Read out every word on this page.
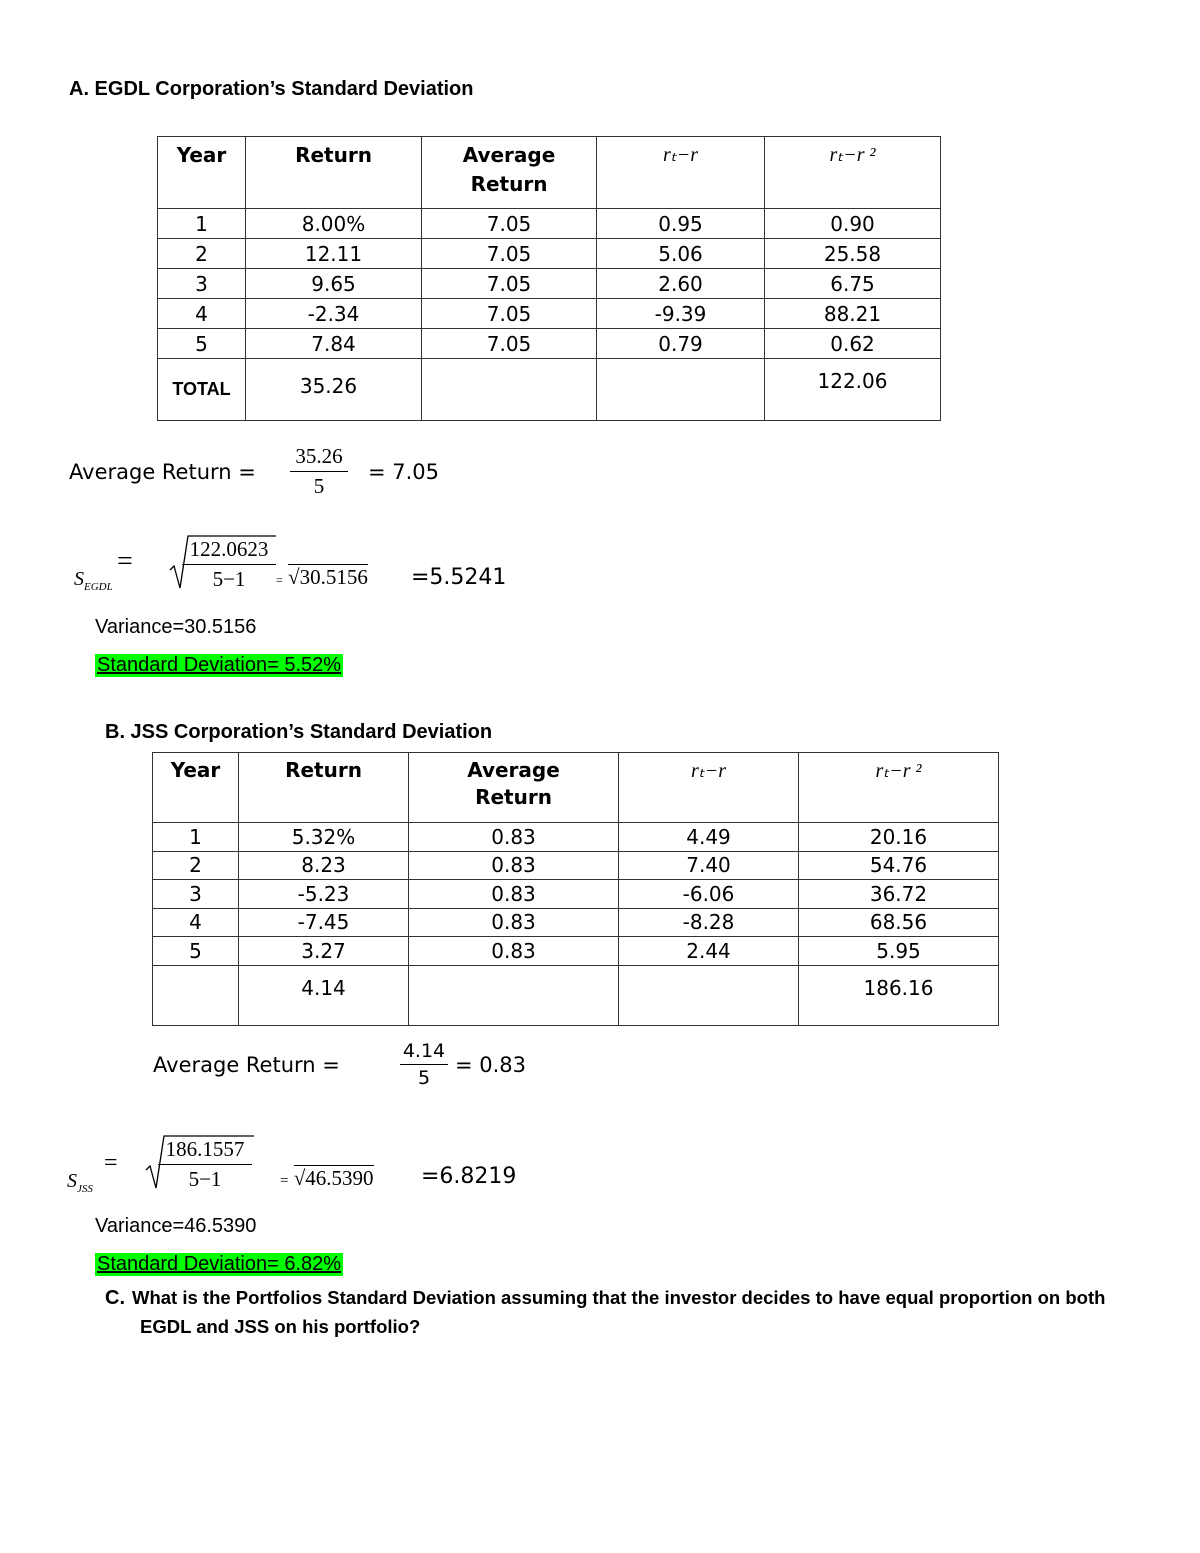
A. EGDL Corporation’s Standard Deviation
Year	Return	Average Return	rₜ−r	rₜ−r ²
1	8.00%	7.05	0.95	0.90
2	12.11	7.05	5.06	25.58
3	9.65	7.05	2.60	6.75
4	-2.34	7.05	-9.39	88.21
5	7.84	7.05	0.79	0.62
TOTAL	35.26			122.06
Average Return =
35.26
5
= 7.05
$S_{EGDL}$
=	122.0623
5−1	= √30.5156 =5.5241
Variance=30.5156
Standard Deviation= 5.52%
B. JSS Corporation’s Standard Deviation
Year	Return	Average Return	rₜ−r	rₜ−r ²
1	5.32%	0.83	4.49	20.16
2	8.23	0.83	7.40	54.76
3	-5.23	0.83	-6.06	36.72
4	-7.45	0.83	-8.28	68.56
5	3.27	0.83	2.44	5.95
	4.14			186.16
Average Return =
4.14
5
= 0.83
$S_{JSS}$
=
186.1557
5−1	= √46.5390 =6.8219
Variance=46.5390
Standard Deviation= 6.82%
C. What is the Portfolios Standard Deviation assuming that the investor decides to have equal proportion on both
EGDL and JSS on his portfolio?
